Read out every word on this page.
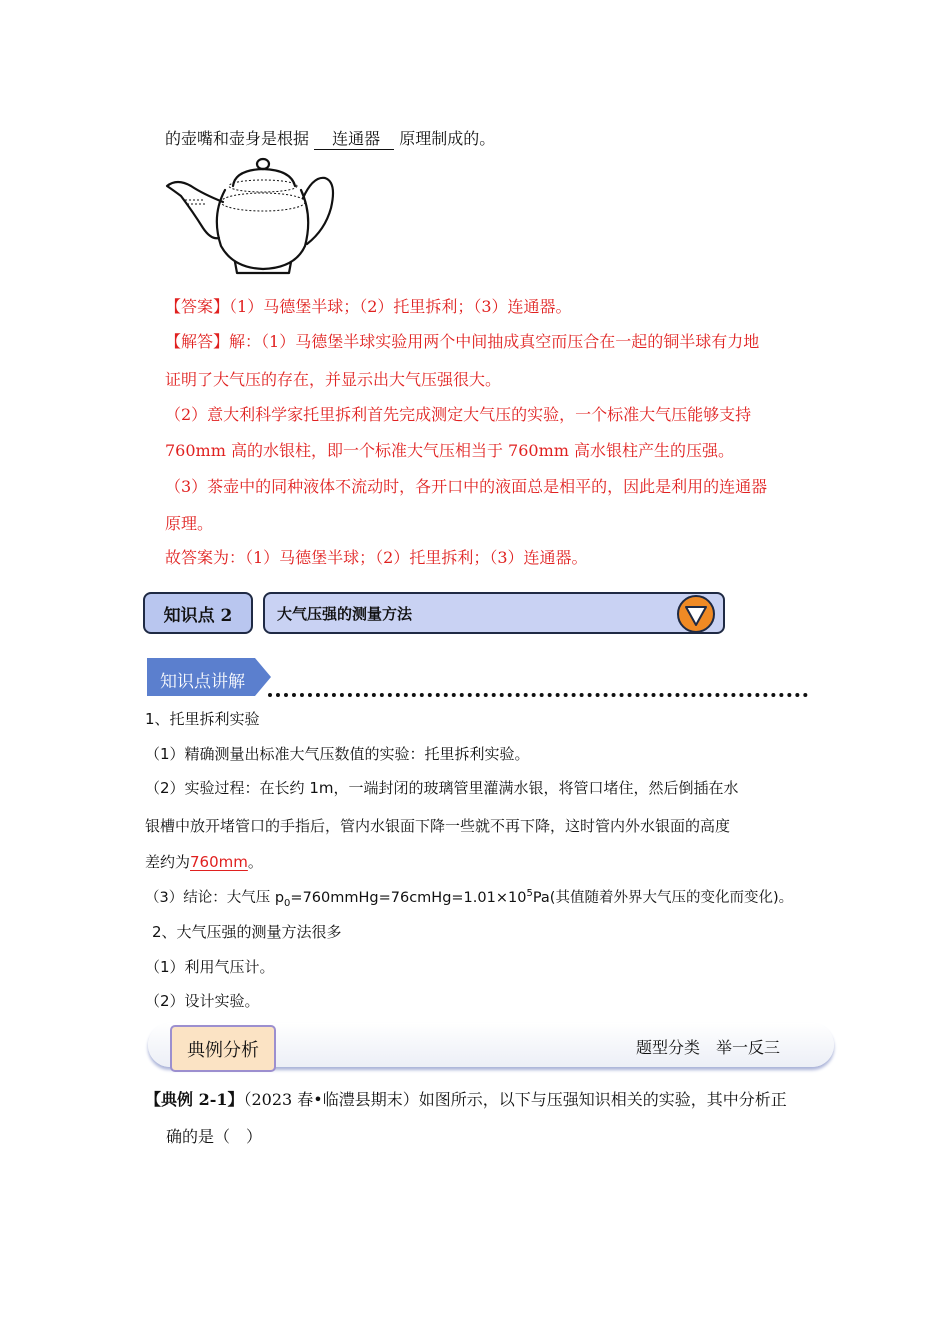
的壶嘴和壶身是根据 连通器 原理制成的。
【答案】（1）马德堡半球；（2）托里拆利；（3）连通器。
【解答】解：（1）马德堡半球实验用两个中间抽成真空而压合在一起的铜半球有力地
证明了大气压的存在，并显示出大气压强很大。
（2）意大利科学家托里拆利首先完成测定大气压的实验，一个标准大气压能够支持
760mm 高的水银柱，即一个标准大气压相当于 760mm 高水银柱产生的压强。
（3）茶壶中的同种液体不流动时，各开口中的液面总是相平的，因此是利用的连通器
原理。
故答案为：（1）马德堡半球；（2）托里拆利；（3）连通器。
知识点 2	大气压强的测量方法
知识点讲解
1、托里拆利实验
（1）精确测量出标准大气压数值的实验：托里拆利实验。
（2）实验过程：在长约 1m，一端封闭的玻璃管里灌满水银，将管口堵住，然后倒插在水
银槽中放开堵管口的手指后，管内水银面下降一些就不再下降，这时管内外水银面的高度
差约为760mm。
（3）结论：大气压 $p_0=760mmHg=76cmHg=1.01\times 10^5Pa$(其值随着外界大气压的变化而变化)。
2、大气压强的测量方法很多
（1）利用气压计。
（2）设计实验。
典例分析	题型分类　举一反三
【典例 2-1】（2023 春•临澧县期末）如图所示，以下与压强知识相关的实验，其中分析正
确的是（　）
